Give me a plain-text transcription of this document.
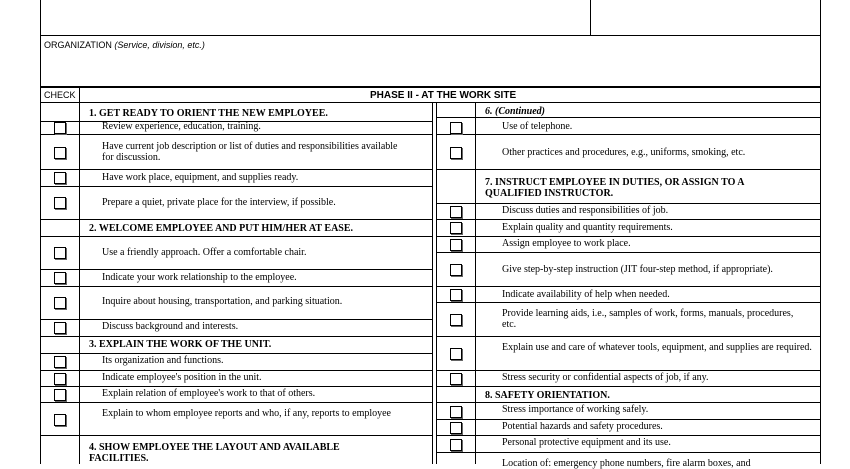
ORGANIZATION (Service, division, etc.)
CHECK	PHASE II - AT THE WORK SITE
1. GET READY TO ORIENT THE NEW EMPLOYEE.
Review experience, education, training.
Have current job description or list of duties and responsibilities available for discussion.
Have work place, equipment, and supplies ready.
Prepare a quiet, private place for the interview, if possible.
2. WELCOME EMPLOYEE AND PUT HIM/HER AT EASE.
Use a friendly approach. Offer a comfortable chair.
Indicate your work relationship to the employee.
Inquire about housing, transportation, and parking situation.
Discuss background and interests.
3. EXPLAIN THE WORK OF THE UNIT.
Its organization and functions.
Indicate employee's position in the unit.
Explain relation of employee's work to that of others.
Explain to whom employee reports and who, if any, reports to employee
4. SHOW EMPLOYEE THE LAYOUT AND AVAILABLE FACILITIES.
6. (Continued)
Use of telephone.
Other practices and procedures, e.g., uniforms, smoking, etc.
7. INSTRUCT EMPLOYEE IN DUTIES, OR ASSIGN TO A QUALIFIED INSTRUCTOR.
Discuss duties and responsibilities of job.
Explain quality and quantity requirements.
Assign employee to work place.
Give step-by-step instruction (JIT four-step method, if appropriate).
Indicate availability of help when needed.
Provide learning aids, i.e., samples of work, forms, manuals, procedures, etc.
Explain use and care of whatever tools, equipment, and supplies are required.
Stress security or confidential aspects of job, if any.
8. SAFETY ORIENTATION.
Stress importance of working safely.
Potential hazards and safety procedures.
Personal protective equipment and its use.
Location of: emergency phone numbers, fire alarm boxes, and
